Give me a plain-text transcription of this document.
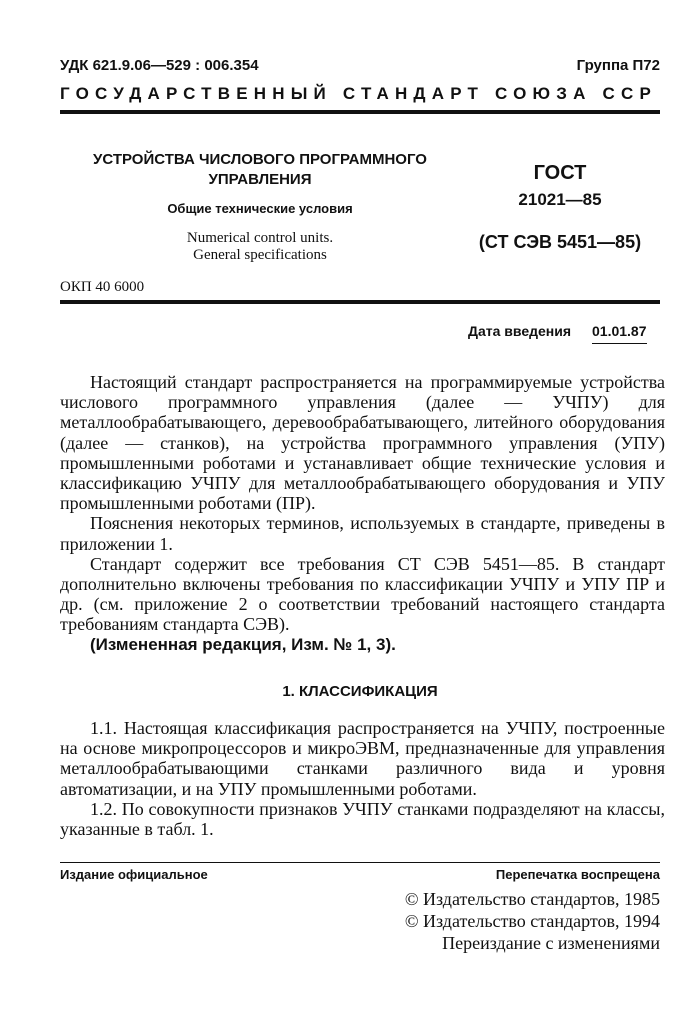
УДК 621.9.06—529 : 006.354	Группа П72
ГОСУДАРСТВЕННЫЙ СТАНДАРТ СОЮЗА ССР
УСТРОЙСТВА ЧИСЛОВОГО ПРОГРАММНОГО
УПРАВЛЕНИЯ
Общие технические условия
Numerical control units.
General specifications
ГОСТ
21021—85
(СТ СЭВ 5451—85)
ОКП 40 6000
Дата введения 01.01.87

Настоящий стандарт распространяется на программируемые устройства числового программного управления (далее — УЧПУ) для металлообрабатывающего, деревообрабатывающего, литейного оборудования (далее — станков), на устройства программного управления (УПУ) промышленными роботами и устанавливает общие технические условия и классификацию УЧПУ для металлообрабатывающего оборудования и УПУ промышленными роботами (ПР).

Пояснения некоторых терминов, используемых в стандарте, приведены в приложении 1.

Стандарт содержит все требования СТ СЭВ 5451—85. В стандарт дополнительно включены требования по классификации УЧПУ и УПУ ПР и др. (см. приложение 2 о соответствии требований настоящего стандарта требованиям стандарта СЭВ).

(Измененная редакция, Изм. № 1, 3).

1. КЛАССИФИКАЦИЯ

1.1. Настоящая классификация распространяется на УЧПУ, построенные на основе микропроцессоров и микроЭВМ, предназначенные для управления металлообрабатывающими станками различного вида и уровня автоматизации, и на УПУ промышленными роботами.

1.2. По совокупности признаков УЧПУ станками подразделяют на классы, указанные в табл. 1.

Издание официальное	Перепечатка воспрещена
© Издательство стандартов, 1985
© Издательство стандартов, 1994
Переиздание с изменениями
